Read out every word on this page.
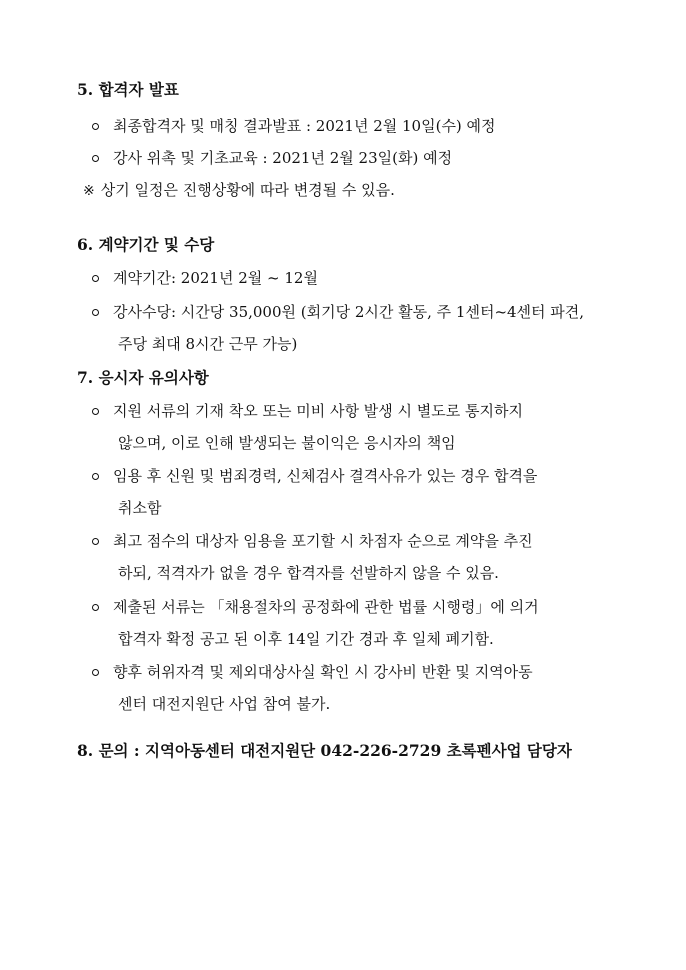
5. 합격자 발표
최종합격자 및 매칭 결과발표 : 2021년 2월 10일(수) 예정
강사 위촉 및 기초교육 : 2021년 2월 23일(화) 예정
※ 상기 일정은 진행상황에 따라 변경될 수 있음.
6. 계약기간 및 수당
계약기간: 2021년 2월 ~ 12월
강사수당: 시간당 35,000원 (회기당 2시간 활동, 주 1센터~4센터 파견,
주당 최대 8시간 근무 가능)
7. 응시자 유의사항
지원 서류의 기재 착오 또는 미비 사항 발생 시 별도로 통지하지
않으며, 이로 인해 발생되는 불이익은 응시자의 책임
임용 후 신원 및 범죄경력, 신체검사 결격사유가 있는 경우 합격을
취소함
최고 점수의 대상자 임용을 포기할 시 차점자 순으로 계약을 추진
하되, 적격자가 없을 경우 합격자를 선발하지 않을 수 있음.
제출된 서류는 「채용절차의 공정화에 관한 법률 시행령」에 의거
합격자 확정 공고 된 이후 14일 기간 경과 후 일체 폐기함.
향후 허위자격 및 제외대상사실 확인 시 강사비 반환 및 지역아동
센터 대전지원단 사업 참여 불가.
8. 문의 : 지역아동센터 대전지원단 042-226-2729 초록펜사업 담당자
